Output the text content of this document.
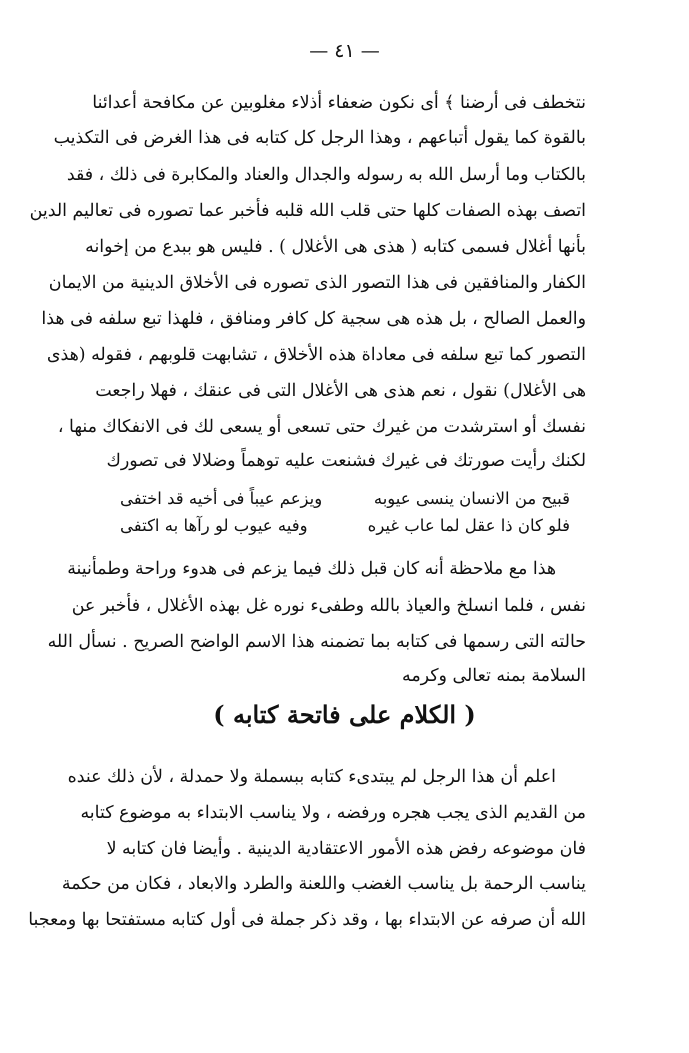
— ٤١ —
نتخطف فى أرضنا ﴾ أى نكون ضعفاء أذلاء مغلوبين عن مكافحة أعدائنا
بالقوة كما يقول أتباعهم ، وهذا الرجل كل كتابه فى هذا الغرض فى التكذيب
بالكتاب وما أرسل الله به رسوله والجدال والعناد والمكابرة فى ذلك ، فقد
اتصف بهذه الصفات كلها حتى قلب الله قلبه فأخبر عما تصوره فى تعاليم الدين
بأنها أغلال فسمى كتابه ( هذى هى الأغلال ) . فليس هو ببدع من إخوانه
الكفار والمنافقين فى هذا التصور الذى تصوره فى الأخلاق الدينية من الايمان
والعمل الصالح ، بل هذه هى سجية كل كافر ومنافق ، فلهذا تبع سلفه فى هذا
التصور كما تبع سلفه فى معاداة هذه الأخلاق ، تشابهت قلوبهم ، فقوله (هذى
هى الأغلال) نقول ، نعم هذى هى الأغلال التى فى عنقك ، فهلا راجعت
نفسك أو استرشدت من غيرك حتى تسعى أو يسعى لك فى الانفكاك منها ،
لكنك رأيت صورتك فى غيرك فشنعت عليه توهماً وضلالا فى تصورك
قبيح من الانسان ينسى عيوبه
ويزعم عيباً فى أخيه قد اختفى
فلو كان ذا عقل لما عاب غيره
وفيه عيوب لو رآها به اكتفى
هذا مع ملاحظة أنه كان قبل ذلك فيما يزعم فى هدوء وراحة وطمأنينة
نفس ، فلما انسلخ والعياذ بالله وطفىء نوره غل بهذه الأغلال ، فأخبر عن
حالته التى رسمها فى كتابه بما تضمنه هذا الاسم الواضح الصريح . نسأل الله
السلامة بمنه تعالى وكرمه
( الكلام على فاتحة كتابه )
اعلم أن هذا الرجل لم يبتدىء كتابه ببسملة ولا حمدلة ، لأن ذلك عنده
من القديم الذى يجب هجره ورفضه ، ولا يناسب الابتداء به موضوع كتابه
فان موضوعه رفض هذه الأمور الاعتقادية الدينية . وأيضا فان كتابه لا
يناسب الرحمة بل يناسب الغضب واللعنة والطرد والابعاد ، فكان من حكمة
الله أن صرفه عن الابتداء بها ، وقد ذكر جملة فى أول كتابه مستفتحا بها ومعجبا
